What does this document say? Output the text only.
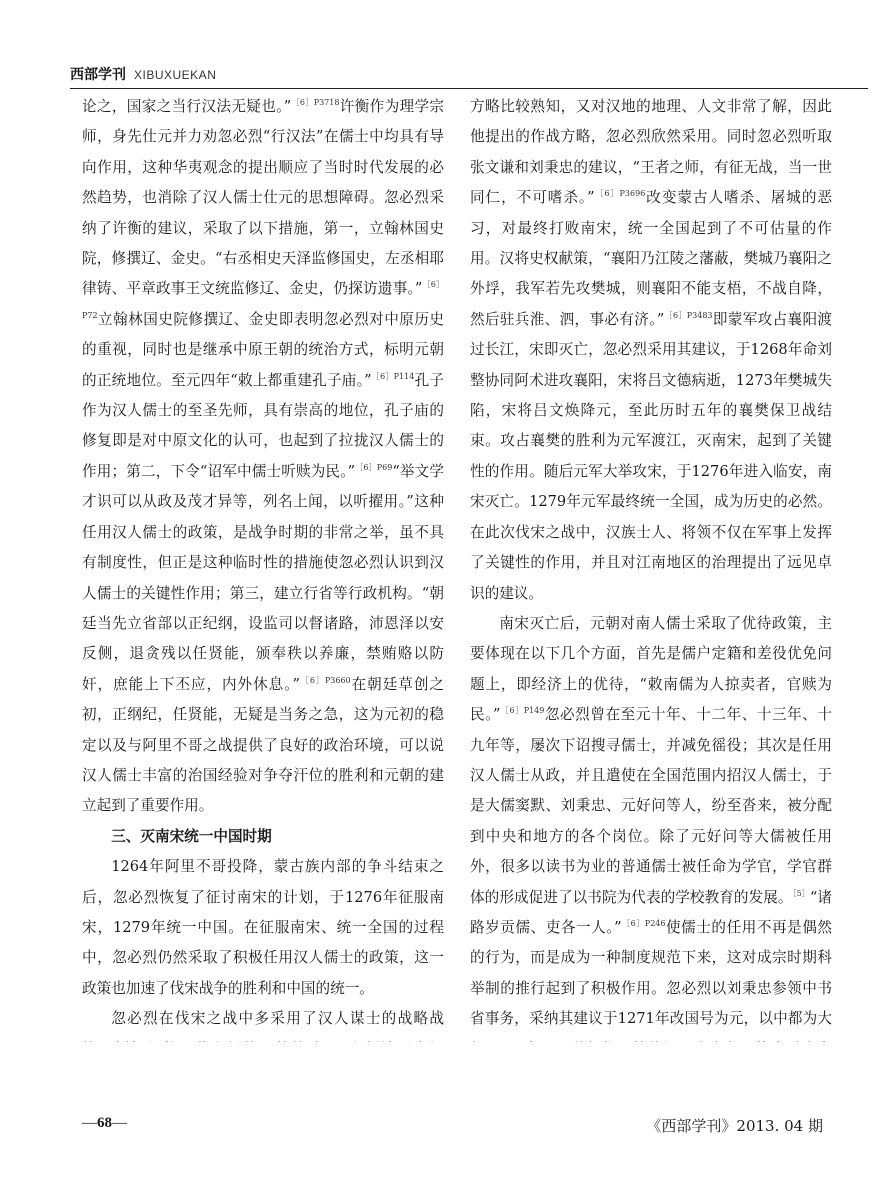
西部学刊 XIBUXUEKAN

论之，国家之当行汉法无疑也。”$^{[6]P3718}$许衡作为理学宗师，身先仕元并力劝忽必烈“行汉法”在儒士中均具有导向作用，这种华夷观念的提出顺应了当时时代发展的必然趋势，也消除了汉人儒士仕元的思想障碍。忽必烈采纳了许衡的建议，采取了以下措施，第一，立翰林国史院，修撰辽、金史。“右丞相史天泽监修国史，左丞相耶律铸、平章政事王文统监修辽、金史，仍探访遗事。”$^{[6]P72}$立翰林国史院修撰辽、金史即表明忽必烈对中原历史的重视，同时也是继承中原王朝的统治方式，标明元朝的正统地位。至元四年“敕上都重建孔子庙。”$^{[6]P114}$孔子作为汉人儒士的至圣先师，具有崇高的地位，孔子庙的修复即是对中原文化的认可，也起到了拉拢汉人儒士的作用；第二，下令“诏军中儒士听赎为民。”$^{[6]P69}$“举文学才识可以从政及茂才异等，列名上闻，以听擢用。”这种任用汉人儒士的政策，是战争时期的非常之举，虽不具有制度性，但正是这种临时性的措施使忽必烈认识到汉人儒士的关键性作用；第三，建立行省等行政机构。“朝廷当先立省部以正纪纲，设监司以督诸路，沛恩泽以安反侧，退贪残以任贤能，颁奉秩以养廉，禁贿赂以防奸，庶能上下丕应，内外休息。”$^{[6]P3660}$在朝廷草创之初，正纲纪，任贤能，无疑是当务之急，这为元初的稳定以及与阿里不哥之战提供了良好的政治环境，可以说汉人儒士丰富的治国经验对争夺汗位的胜利和元朝的建立起到了重要作用。

三、灭南宋统一中国时期

1264年阿里不哥投降，蒙古族内部的争斗结束之后，忽必烈恢复了征讨南宋的计划，于1276年征服南宋，1279年统一中国。在征服南宋、统一全国的过程中，忽必烈仍然采取了积极任用汉人儒士的政策，这一政策也加速了伐宋战争的胜利和中国的统一。

忽必烈在伐宋之战中多采用了汉人谋士的战略战

方略比较熟知，又对汉地的地理、人文非常了解，因此他提出的作战方略，忽必烈欣然采用。同时忽必烈听取张文谦和刘秉忠的建议，“王者之师，有征无战，当一世同仁，不可嗜杀。”$^{[6]P3696}$改变蒙古人嗜杀、屠城的恶习，对最终打败南宋，统一全国起到了不可估量的作用。汉将史权献策，“襄阳乃江陵之藩蔽，樊城乃襄阳之外垺，我军若先攻樊城，则襄阳不能支梧，不战自降，然后驻兵淮、泗，事必有济。”$^{[6]P3483}$即蒙军攻占襄阳渡过长江，宋即灭亡，忽必烈采用其建议，于1268年命刘整协同阿术进攻襄阳，宋将吕文德病逝，1273年樊城失陷，宋将吕文焕降元，至此历时五年的襄樊保卫战结束。攻占襄樊的胜利为元军渡江，灭南宋，起到了关键性的作用。随后元军大举攻宋，于1276年进入临安，南宋灭亡。1279年元军最终统一全国，成为历史的必然。在此次伐宋之战中，汉族士人、将领不仅在军事上发挥了关键性的作用，并且对江南地区的治理提出了远见卓识的建议。

南宋灭亡后，元朝对南人儒士采取了优待政策，主要体现在以下几个方面，首先是儒户定籍和差役优免问题上，即经济上的优待，“敕南儒为人掠卖者，官赎为民。”$^{[6]P149}$忽必烈曾在至元十年、十二年、十三年、十九年等，屡次下诏搜寻儒士，并减免徭役；其次是任用汉人儒士从政，并且遣使在全国范围内招汉人儒士，于是大儒窦默、刘秉忠、元好问等人，纷至沓来，被分配到中央和地方的各个岗位。除了元好问等大儒被任用外，很多以读书为业的普通儒士被任命为学官，学官群体的形成促进了以书院为代表的学校教育的发展。$^{[5]}$“诸路岁贡儒、吏各一人。”$^{[6]P246}$使儒士的任用不再是偶然的行为，而是成为一种制度规范下来，这对成宗时期科举制的推行起到了积极作用。忽必烈以刘秉忠参领中书省事务，采纳其建议于1271年改国号为元，以中都为大

—68—	《西部学刊》2013. 04 期
